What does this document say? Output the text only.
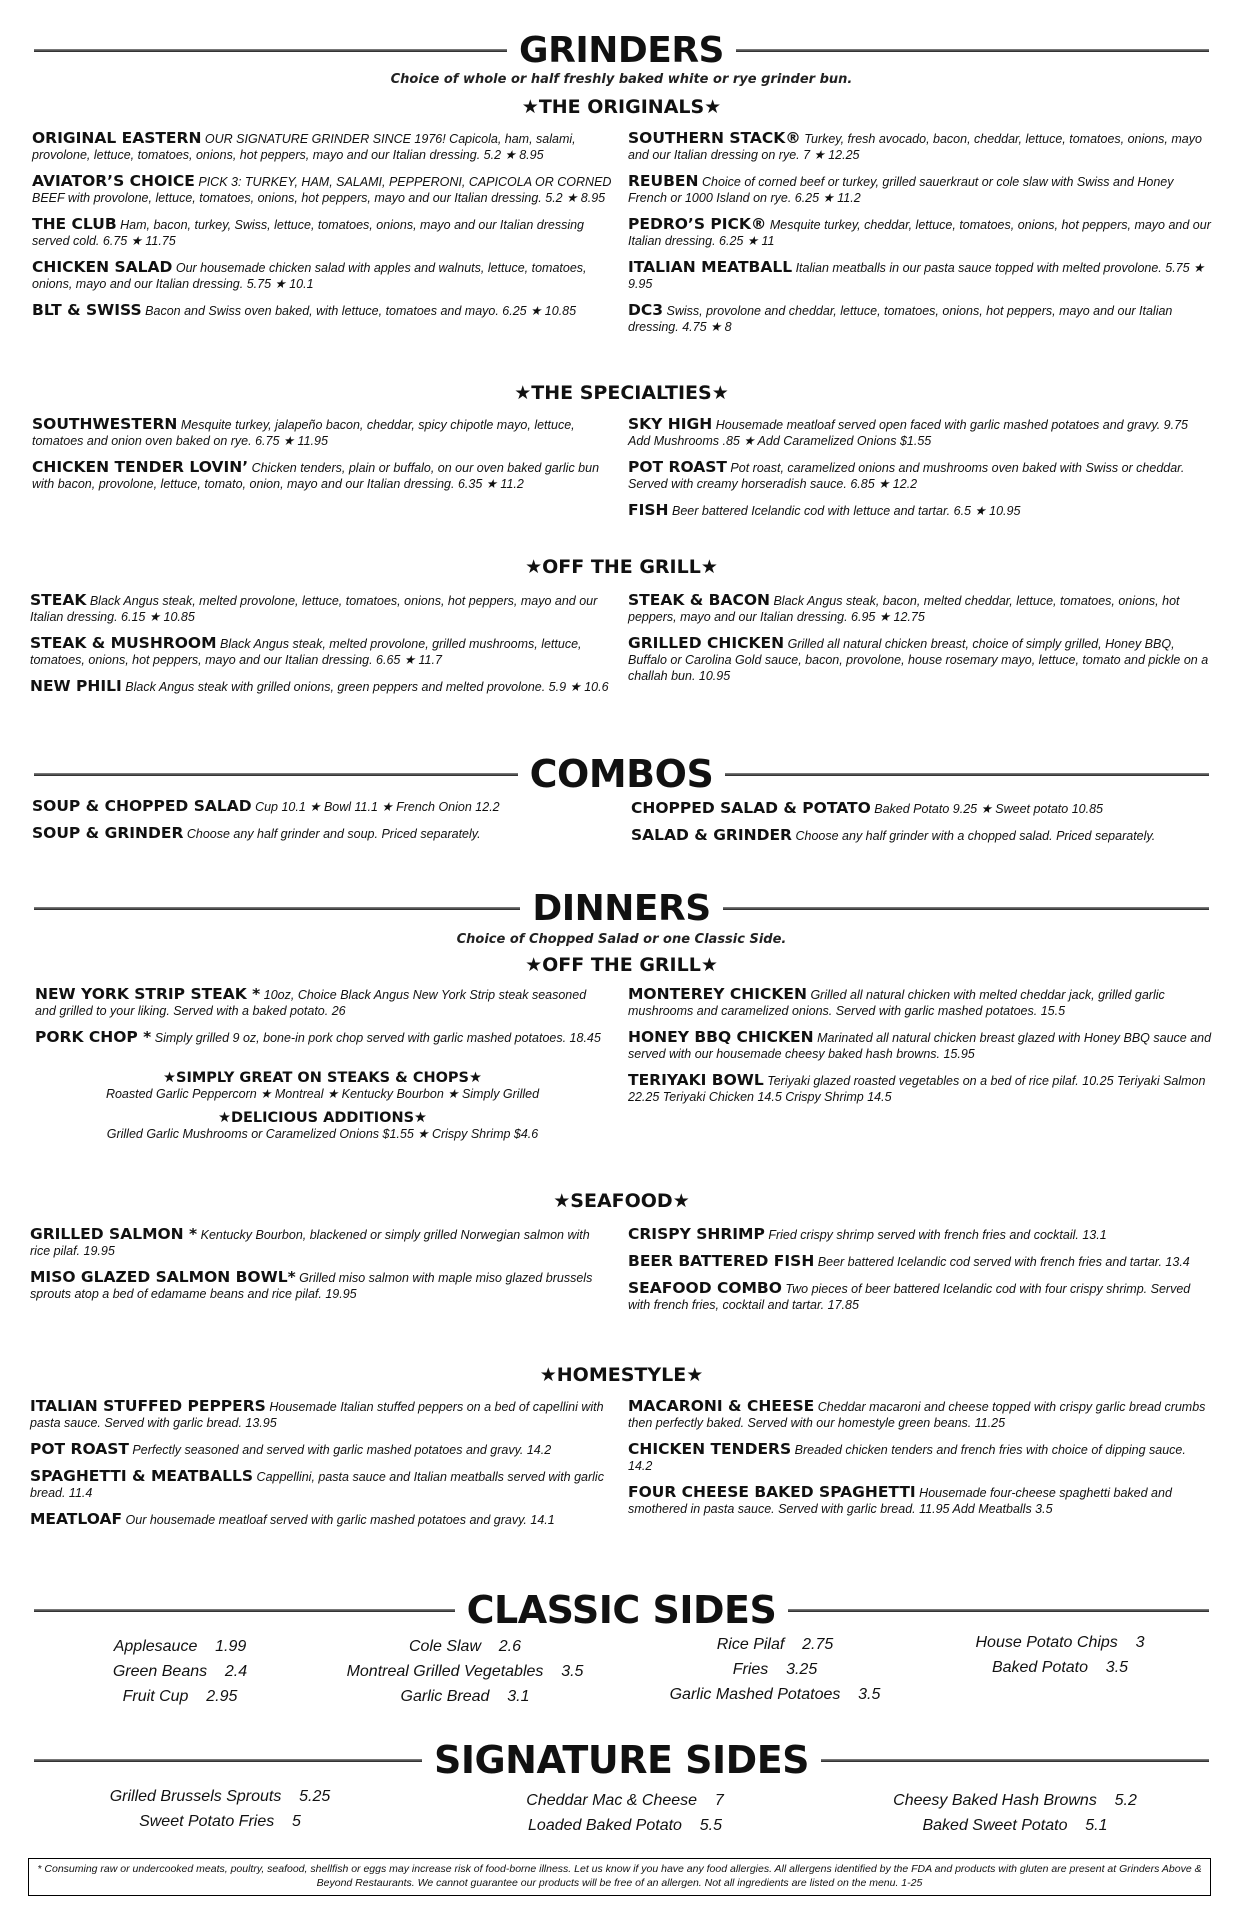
GRINDERS
Choice of whole or half freshly baked white or rye grinder bun.
★THE ORIGINALS★
ORIGINAL EASTERN OUR SIGNATURE GRINDER SINCE 1976! Capicola, ham, salami, provolone, lettuce, tomatoes, onions, hot peppers, mayo and our Italian dressing. 5.2 ★ 8.95
AVIATOR’S CHOICE PICK 3: TURKEY, HAM, SALAMI, PEPPERONI, CAPICOLA OR CORNED BEEF with provolone, lettuce, tomatoes, onions, hot peppers, mayo and our Italian dressing. 5.2 ★ 8.95
THE CLUB Ham, bacon, turkey, Swiss, lettuce, tomatoes, onions, mayo and our Italian dressing served cold. 6.75 ★ 11.75
CHICKEN SALAD Our housemade chicken salad with apples and walnuts, lettuce, tomatoes, onions, mayo and our Italian dressing. 5.75 ★ 10.1
BLT & SWISS Bacon and Swiss oven baked, with lettuce, tomatoes and mayo. 6.25 ★ 10.85
SOUTHERN STACK® Turkey, fresh avocado, bacon, cheddar, lettuce, tomatoes, onions, mayo and our Italian dressing on rye. 7 ★ 12.25
REUBEN Choice of corned beef or turkey, grilled sauerkraut or cole slaw with Swiss and Honey French or 1000 Island on rye. 6.25 ★ 11.2
PEDRO’S PICK® Mesquite turkey, cheddar, lettuce, tomatoes, onions, hot peppers, mayo and our Italian dressing. 6.25 ★ 11
ITALIAN MEATBALL Italian meatballs in our pasta sauce topped with melted provolone. 5.75 ★ 9.95
DC3 Swiss, provolone and cheddar, lettuce, tomatoes, onions, hot peppers, mayo and our Italian dressing. 4.75 ★ 8
★THE SPECIALTIES★
SOUTHWESTERN Mesquite turkey, jalapeño bacon, cheddar, spicy chipotle mayo, lettuce, tomatoes and onion oven baked on rye. 6.75 ★ 11.95
CHICKEN TENDER LOVIN’ Chicken tenders, plain or buffalo, on our oven baked garlic bun with bacon, provolone, lettuce, tomato, onion, mayo and our Italian dressing. 6.35 ★ 11.2
SKY HIGH Housemade meatloaf served open faced with garlic mashed potatoes and gravy. 9.75 Add Mushrooms .85 ★ Add Caramelized Onions $1.55
POT ROAST Pot roast, caramelized onions and mushrooms oven baked with Swiss or cheddar. Served with creamy horseradish sauce. 6.85 ★ 12.2
FISH Beer battered Icelandic cod with lettuce and tartar. 6.5 ★ 10.95
★OFF THE GRILL★
STEAK Black Angus steak, melted provolone, lettuce, tomatoes, onions, hot peppers, mayo and our Italian dressing. 6.15 ★ 10.85
STEAK & MUSHROOM Black Angus steak, melted provolone, grilled mushrooms, lettuce, tomatoes, onions, hot peppers, mayo and our Italian dressing. 6.65 ★ 11.7
NEW PHILI Black Angus steak with grilled onions, green peppers and melted provolone. 5.9 ★ 10.6
STEAK & BACON Black Angus steak, bacon, melted cheddar, lettuce, tomatoes, onions, hot peppers, mayo and our Italian dressing. 6.95 ★ 12.75
GRILLED CHICKEN Grilled all natural chicken breast, choice of simply grilled, Honey BBQ, Buffalo or Carolina Gold sauce, bacon, provolone, house rosemary mayo, lettuce, tomato and pickle on a challah bun. 10.95
COMBOS
SOUP & CHOPPED SALAD Cup 10.1 ★ Bowl 11.1 ★ French Onion 12.2
SOUP & GRINDER Choose any half grinder and soup. Priced separately.
CHOPPED SALAD & POTATO Baked Potato 9.25 ★ Sweet potato 10.85
SALAD & GRINDER Choose any half grinder with a chopped salad. Priced separately.
DINNERS
Choice of Chopped Salad or one Classic Side.
★OFF THE GRILL★
NEW YORK STRIP STEAK * 10oz, Choice Black Angus New York Strip steak seasoned and grilled to your liking. Served with a baked potato. 26
PORK CHOP * Simply grilled 9 oz, bone-in pork chop served with garlic mashed potatoes. 18.45
★SIMPLY GREAT ON STEAKS & CHOPS★
Roasted Garlic Peppercorn ★ Montreal ★ Kentucky Bourbon ★ Simply Grilled
★DELICIOUS ADDITIONS★
Grilled Garlic Mushrooms or Caramelized Onions $1.55 ★ Crispy Shrimp $4.6
MONTEREY CHICKEN Grilled all natural chicken with melted cheddar jack, grilled garlic mushrooms and caramelized onions. Served with garlic mashed potatoes. 15.5
HONEY BBQ CHICKEN Marinated all natural chicken breast glazed with Honey BBQ sauce and served with our housemade cheesy baked hash browns. 15.95
TERIYAKI BOWL Teriyaki glazed roasted vegetables on a bed of rice pilaf. 10.25 Teriyaki Salmon 22.25 Teriyaki Chicken 14.5 Crispy Shrimp 14.5
★SEAFOOD★
GRILLED SALMON * Kentucky Bourbon, blackened or simply grilled Norwegian salmon with rice pilaf. 19.95
MISO GLAZED SALMON BOWL* Grilled miso salmon with maple miso glazed brussels sprouts atop a bed of edamame beans and rice pilaf. 19.95
CRISPY SHRIMP Fried crispy shrimp served with french fries and cocktail. 13.1
BEER BATTERED FISH Beer battered Icelandic cod served with french fries and tartar. 13.4
SEAFOOD COMBO Two pieces of beer battered Icelandic cod with four crispy shrimp. Served with french fries, cocktail and tartar. 17.85
★HOMESTYLE★
ITALIAN STUFFED PEPPERS Housemade Italian stuffed peppers on a bed of capellini with pasta sauce. Served with garlic bread. 13.95
POT ROAST Perfectly seasoned and served with garlic mashed potatoes and gravy. 14.2
SPAGHETTI & MEATBALLS Cappellini, pasta sauce and Italian meatballs served with garlic bread. 11.4
MEATLOAF Our housemade meatloaf served with garlic mashed potatoes and gravy. 14.1
MACARONI & CHEESE Cheddar macaroni and cheese topped with crispy garlic bread crumbs then perfectly baked. Served with our homestyle green beans. 11.25
CHICKEN TENDERS Breaded chicken tenders and french fries with choice of dipping sauce. 14.2
FOUR CHEESE BAKED SPAGHETTI Housemade four-cheese spaghetti baked and smothered in pasta sauce. Served with garlic bread. 11.95 Add Meatballs 3.5
CLASSIC SIDES
Applesauce    1.99
Green Beans    2.4
Fruit Cup    2.95
Cole Slaw    2.6
Montreal Grilled Vegetables    3.5
Garlic Bread    3.1
Rice Pilaf    2.75
Fries    3.25
Garlic Mashed Potatoes    3.5
House Potato Chips    3
Baked Potato    3.5
SIGNATURE SIDES
Grilled Brussels Sprouts    5.25
Sweet Potato Fries    5
Cheddar Mac & Cheese    7
Loaded Baked Potato    5.5
Cheesy Baked Hash Browns    5.2
Baked Sweet Potato    5.1
* Consuming raw or undercooked meats, poultry, seafood, shellfish or eggs may increase risk of food-borne illness. Let us know if you have any food allergies. All allergens identified by the FDA and products with gluten are present at Grinders Above & Beyond Restaurants. We cannot guarantee our products will be free of an allergen. Not all ingredients are listed on the menu. 1-25
